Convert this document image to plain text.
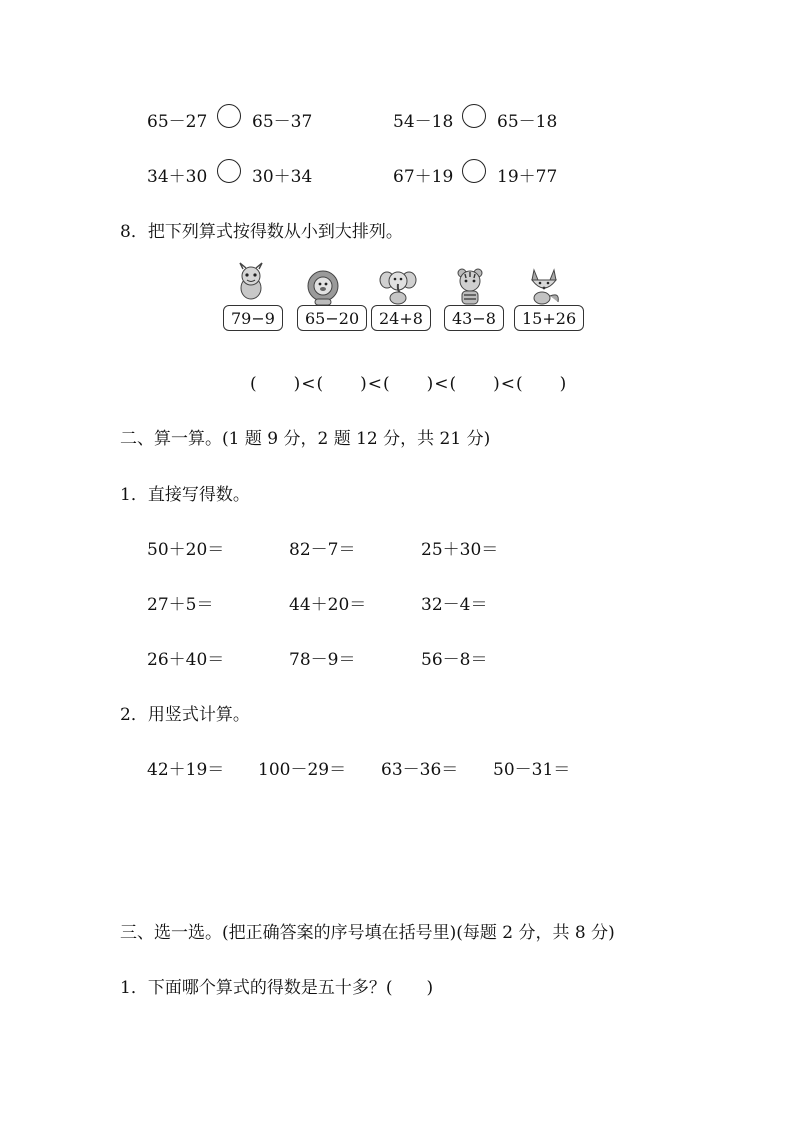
65－27	65－37	54－18	65－18
34＋30	30＋34	67＋19	19＋77
8．把下列算式按得数从小到大排列。
79−9	65−20	24+8	43−8	15+26
(　　)<(　　)<(　　)<(　　)<(　　)
二、算一算。(1 题 9 分，2 题 12 分，共 21 分)
1．直接写得数。
50＋20＝	82－7＝	25＋30＝
27＋5＝	44＋20＝	32－4＝
26＋40＝	78－9＝	56－8＝
2．用竖式计算。
42＋19＝ 100－29＝ 63－36＝ 50－31＝
三、选一选。(把正确答案的序号填在括号里)(每题 2 分，共 8 分)
1．下面哪个算式的得数是五十多？(　　)
